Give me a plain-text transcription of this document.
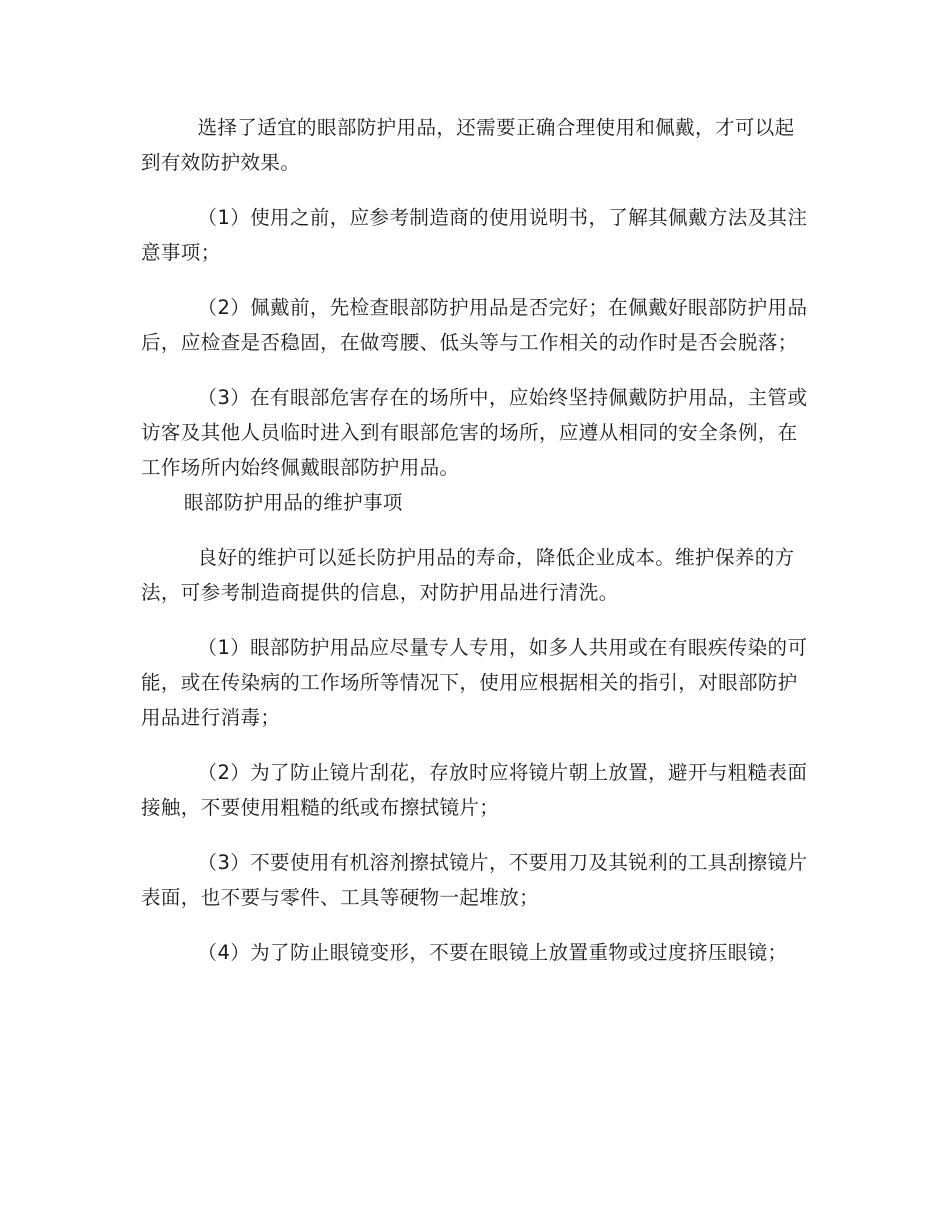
选择了适宜的眼部防护用品，还需要正确合理使用和佩戴，才可以起到有效防护效果。

（1）使用之前，应参考制造商的使用说明书，了解其佩戴方法及其注意事项；

（2）佩戴前，先检查眼部防护用品是否完好；在佩戴好眼部防护用品后，应检查是否稳固，在做弯腰、低头等与工作相关的动作时是否会脱落；

（3）在有眼部危害存在的场所中，应始终坚持佩戴防护用品，主管或访客及其他人员临时进入到有眼部危害的场所，应遵从相同的安全条例，在工作场所内始终佩戴眼部防护用品。

眼部防护用品的维护事项

良好的维护可以延长防护用品的寿命，降低企业成本。维护保养的方法，可参考制造商提供的信息，对防护用品进行清洗。

（1）眼部防护用品应尽量专人专用，如多人共用或在有眼疾传染的可能，或在传染病的工作场所等情况下，使用应根据相关的指引，对眼部防护用品进行消毒；

（2）为了防止镜片刮花，存放时应将镜片朝上放置，避开与粗糙表面接触，不要使用粗糙的纸或布擦拭镜片；

（3）不要使用有机溶剂擦拭镜片，不要用刀及其锐利的工具刮擦镜片表面，也不要与零件、工具等硬物一起堆放；

（4）为了防止眼镜变形，不要在眼镜上放置重物或过度挤压眼镜；
